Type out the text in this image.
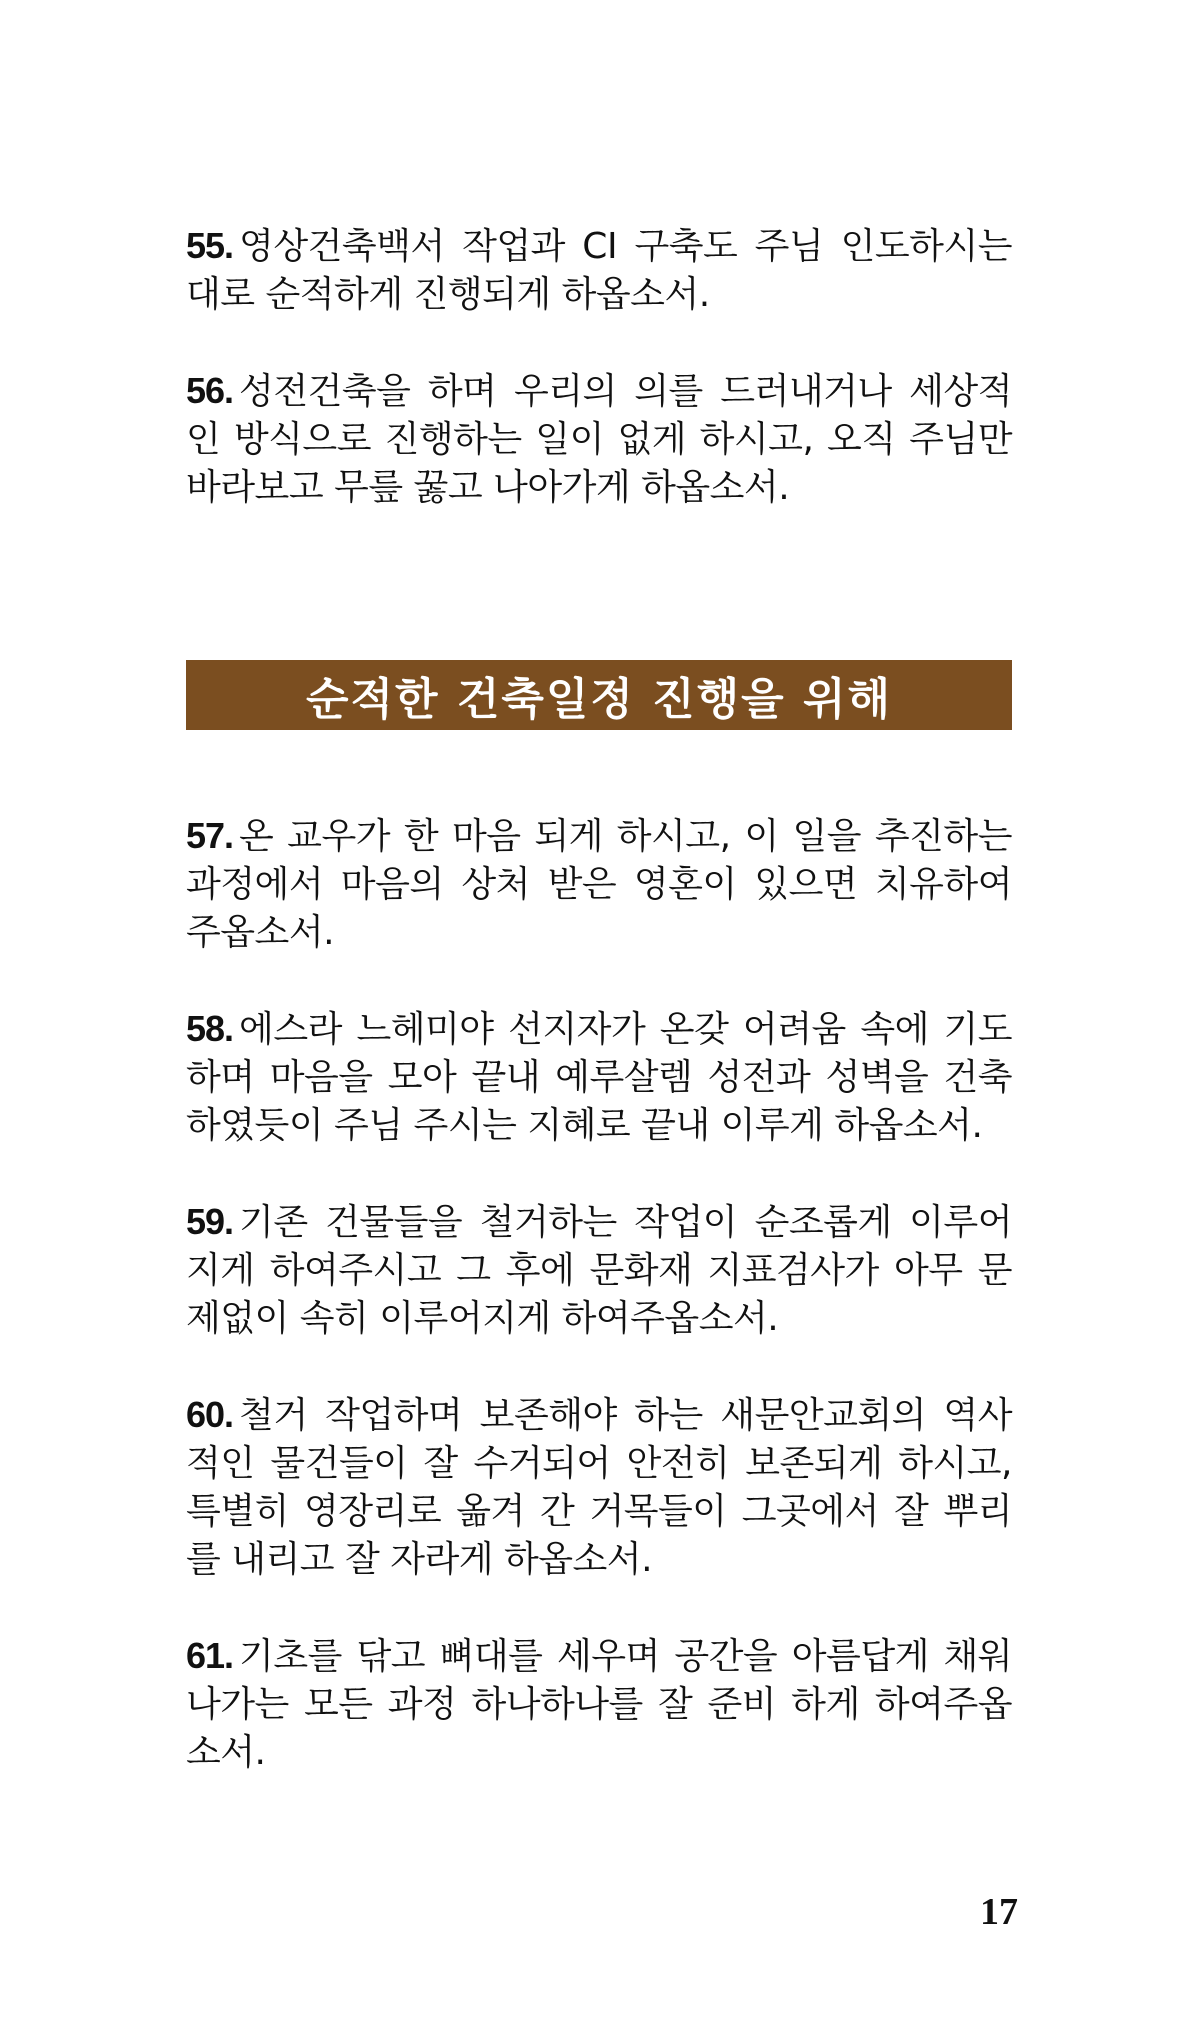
55. 영상건축백서 작업과 CI 구축도 주님 인도하시는 대로 순적하게 진행되게 하옵소서.

56. 성전건축을 하며 우리의 의를 드러내거나 세상적인 방식으로 진행하는 일이 없게 하시고, 오직 주님만 바라보고 무릎 꿇고 나아가게 하옵소서.

순적한 건축일정 진행을 위해

57. 온 교우가 한 마음 되게 하시고, 이 일을 추진하는 과정에서 마음의 상처 받은 영혼이 있으면 치유하여 주옵소서.

58. 에스라 느헤미야 선지자가 온갖 어려움 속에 기도하며 마음을 모아 끝내 예루살렘 성전과 성벽을 건축하였듯이 주님 주시는 지혜로 끝내 이루게 하옵소서.

59. 기존 건물들을 철거하는 작업이 순조롭게 이루어지게 하여주시고 그 후에 문화재 지표검사가 아무 문제없이 속히 이루어지게 하여주옵소서.

60. 철거 작업하며 보존해야 하는 새문안교회의 역사적인 물건들이 잘 수거되어 안전히 보존되게 하시고, 특별히 영장리로 옮겨 간 거목들이 그곳에서 잘 뿌리를 내리고 잘 자라게 하옵소서.

61. 기초를 닦고 뼈대를 세우며 공간을 아름답게 채워나가는 모든 과정 하나하나를 잘 준비 하게 하여주옵소서.

17
